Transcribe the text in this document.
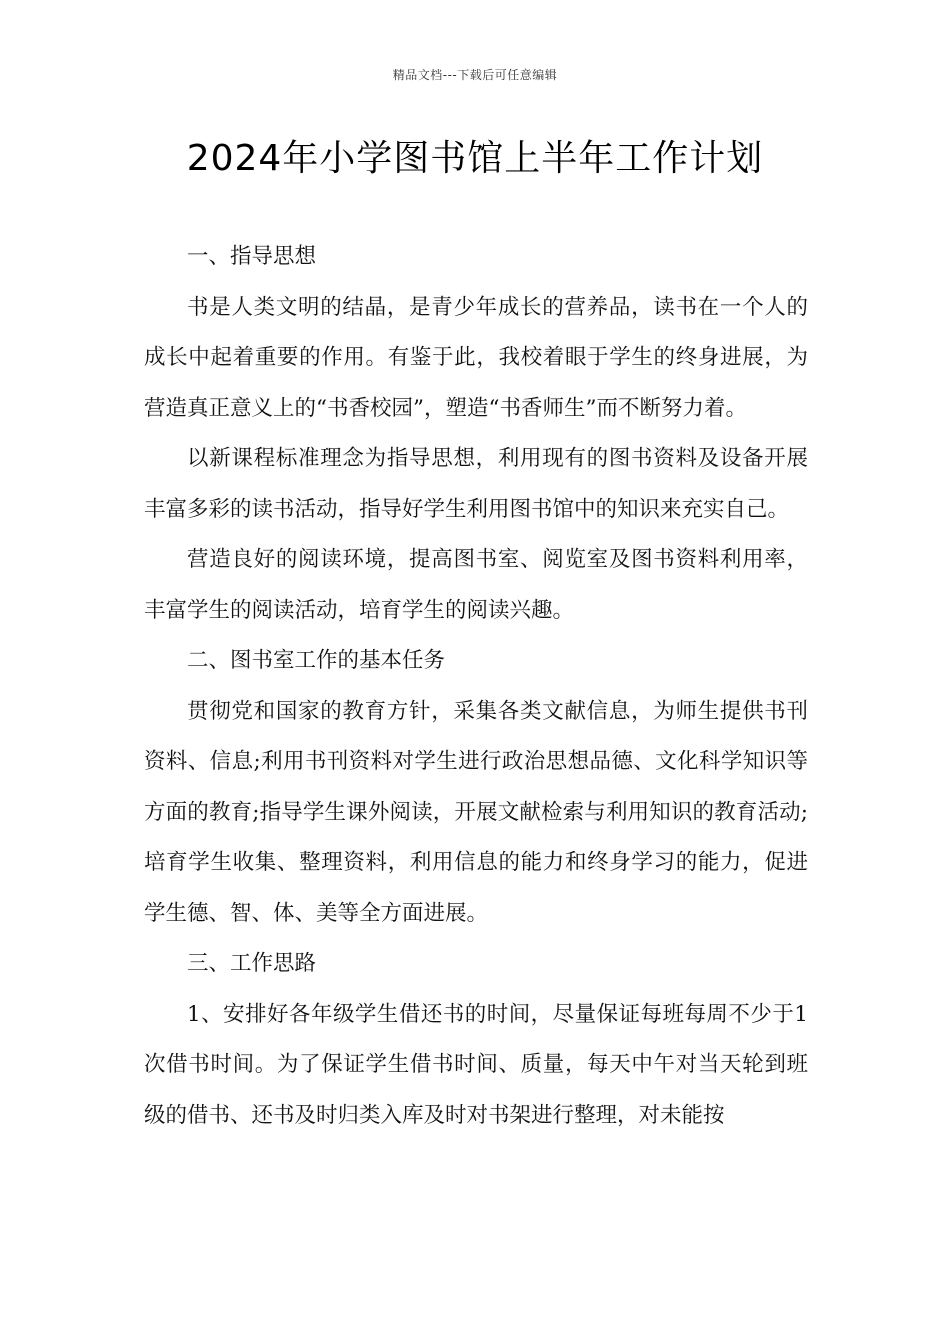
精品文档---下载后可任意编辑
2024年小学图书馆上半年工作计划

一、指导思想

书是人类文明的结晶，是青少年成长的营养品，读书在一个人的成长中起着重要的作用。有鉴于此，我校着眼于学生的终身进展，为营造真正意义上的“书香校园”，塑造“书香师生”而不断努力着。

以新课程标准理念为指导思想，利用现有的图书资料及设备开展丰富多彩的读书活动，指导好学生利用图书馆中的知识来充实自己。

营造良好的阅读环境，提高图书室、阅览室及图书资料利用率，丰富学生的阅读活动，培育学生的阅读兴趣。

二、图书室工作的基本任务

贯彻党和国家的教育方针，采集各类文献信息，为师生提供书刊资料、信息;利用书刊资料对学生进行政治思想品德、文化科学知识等方面的教育;指导学生课外阅读，开展文献检索与利用知识的教育活动;培育学生收集、整理资料，利用信息的能力和终身学习的能力，促进学生德、智、体、美等全方面进展。

三、工作思路

1、安排好各年级学生借还书的时间，尽量保证每班每周不少于1次借书时间。为了保证学生借书时间、质量，每天中午对当天轮到班级的借书、还书及时归类入库及时对书架进行整理，对未能按
